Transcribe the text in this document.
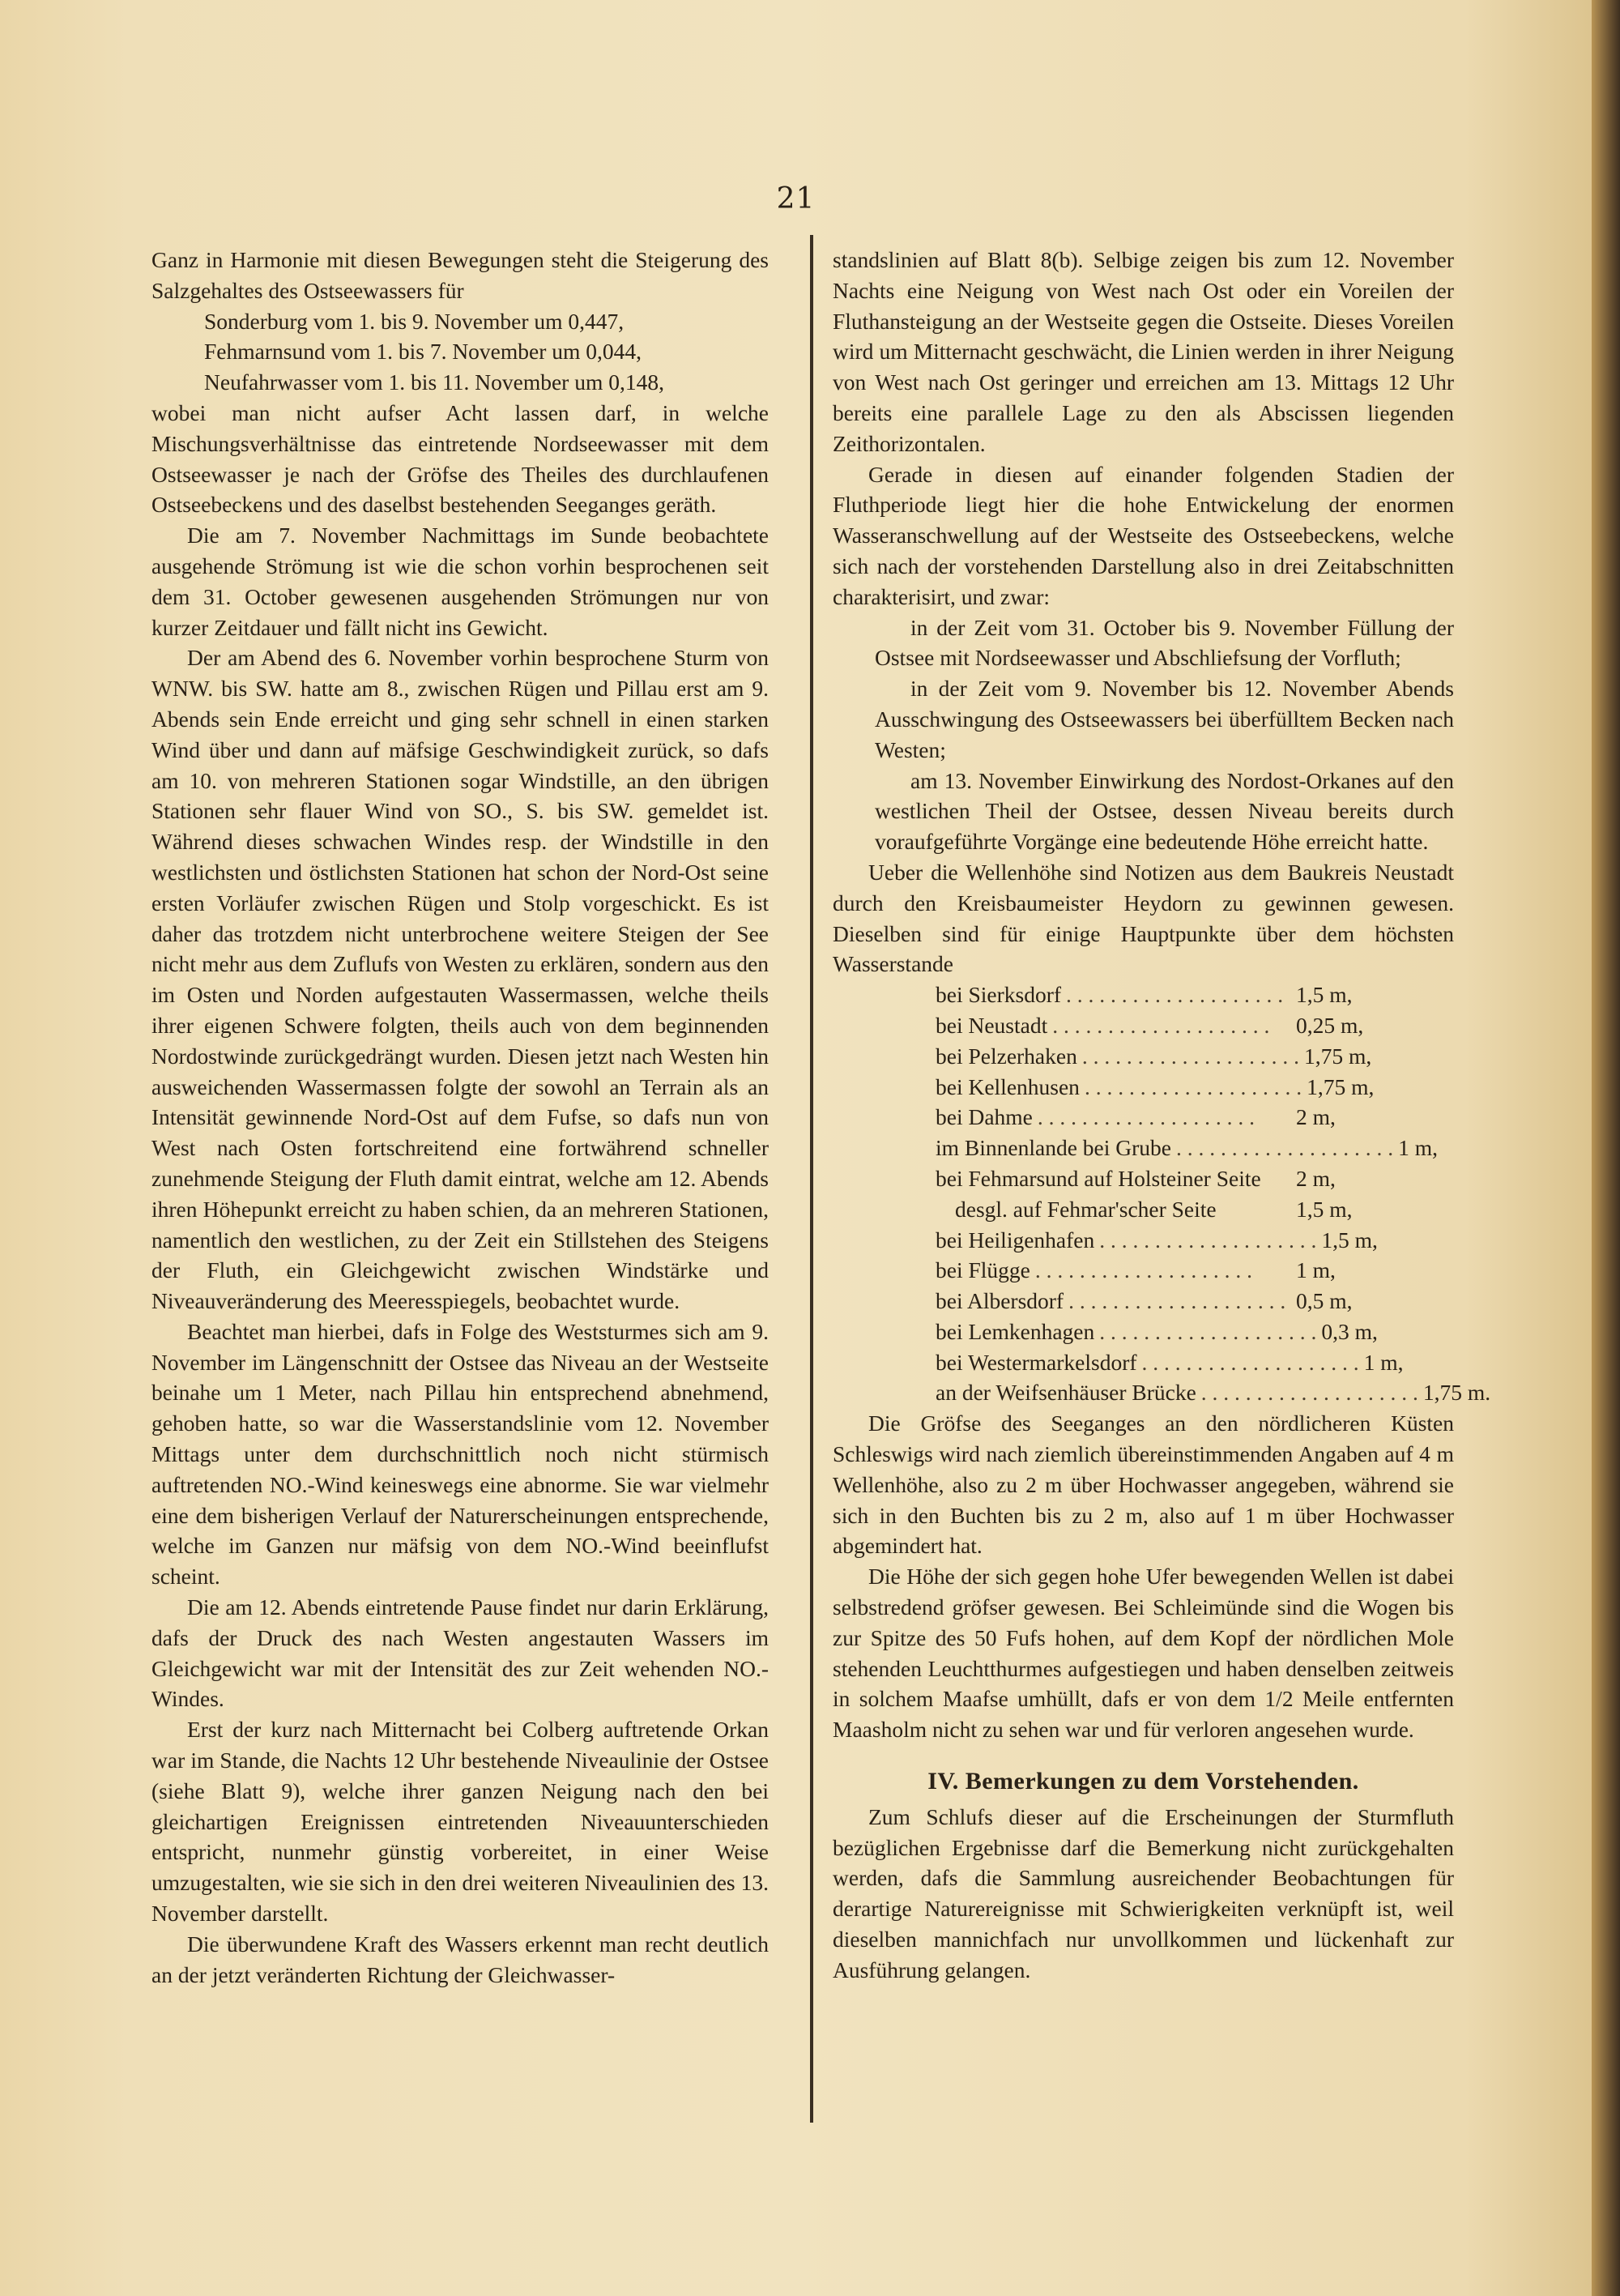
21

Ganz in Harmonie mit diesen Bewegungen steht die Steigerung des Salzgehaltes des Ostseewassers für

Sonderburg vom 1. bis 9. November um 0,447,
Fehmarnsund vom 1. bis 7. November um 0,044,
Neufahrwasser vom 1. bis 11. November um 0,148,

wobei man nicht aufser Acht lassen darf, in welche Mischungsverhältnisse das eintretende Nordseewasser mit dem Ostseewasser je nach der Gröfse des Theiles des durchlaufenen Ostseebeckens und des daselbst bestehenden Seeganges geräth.

Die am 7. November Nachmittags im Sunde beobachtete ausgehende Strömung ist wie die schon vorhin besprochenen seit dem 31. October gewesenen ausgehenden Strömungen nur von kurzer Zeitdauer und fällt nicht ins Gewicht.

Der am Abend des 6. November vorhin besprochene Sturm von WNW. bis SW. hatte am 8., zwischen Rügen und Pillau erst am 9. Abends sein Ende erreicht und ging sehr schnell in einen starken Wind über und dann auf mäfsige Geschwindigkeit zurück, so dafs am 10. von mehreren Stationen sogar Windstille, an den übrigen Stationen sehr flauer Wind von SO., S. bis SW. gemeldet ist. Während dieses schwachen Windes resp. der Windstille in den westlichsten und östlichsten Stationen hat schon der Nord-Ost seine ersten Vorläufer zwischen Rügen und Stolp vorgeschickt. Es ist daher das trotzdem nicht unterbrochene weitere Steigen der See nicht mehr aus dem Zuflufs von Westen zu erklären, sondern aus den im Osten und Norden aufgestauten Wassermassen, welche theils ihrer eigenen Schwere folgten, theils auch von dem beginnenden Nordostwinde zurückgedrängt wurden. Diesen jetzt nach Westen hin ausweichenden Wassermassen folgte der sowohl an Terrain als an Intensität gewinnende Nord-Ost auf dem Fufse, so dafs nun von West nach Osten fortschreitend eine fortwährend schneller zunehmende Steigung der Fluth damit eintrat, welche am 12. Abends ihren Höhepunkt erreicht zu haben schien, da an mehreren Stationen, namentlich den westlichen, zu der Zeit ein Stillstehen des Steigens der Fluth, ein Gleichgewicht zwischen Windstärke und Niveauveränderung des Meeresspiegels, beobachtet wurde.

Beachtet man hierbei, dafs in Folge des Weststurmes sich am 9. November im Längenschnitt der Ostsee das Niveau an der Westseite beinahe um 1 Meter, nach Pillau hin entsprechend abnehmend, gehoben hatte, so war die Wasserstandslinie vom 12. November Mittags unter dem durchschnittlich noch nicht stürmisch auftretenden NO.-Wind keineswegs eine abnorme. Sie war vielmehr eine dem bisherigen Verlauf der Naturerscheinungen entsprechende, welche im Ganzen nur mäfsig von dem NO.-Wind beeinflufst scheint.

Die am 12. Abends eintretende Pause findet nur darin Erklärung, dafs der Druck des nach Westen angestauten Wassers im Gleichgewicht war mit der Intensität des zur Zeit wehenden NO.-Windes.

Erst der kurz nach Mitternacht bei Colberg auftretende Orkan war im Stande, die Nachts 12 Uhr bestehende Niveaulinie der Ostsee (siehe Blatt 9), welche ihrer ganzen Neigung nach den bei gleichartigen Ereignissen eintretenden Niveauunterschieden entspricht, nunmehr günstig vorbereitet, in einer Weise umzugestalten, wie sie sich in den drei weiteren Niveaulinien des 13. November darstellt.

Die überwundene Kraft des Wassers erkennt man recht deutlich an der jetzt veränderten Richtung der Gleichwasser-

standslinien auf Blatt 8(b). Selbige zeigen bis zum 12. November Nachts eine Neigung von West nach Ost oder ein Voreilen der Fluthansteigung an der Westseite gegen die Ostseite. Dieses Voreilen wird um Mitternacht geschwächt, die Linien werden in ihrer Neigung von West nach Ost geringer und erreichen am 13. Mittags 12 Uhr bereits eine parallele Lage zu den als Abscissen liegenden Zeithorizontalen.

Gerade in diesen auf einander folgenden Stadien der Fluthperiode liegt hier die hohe Entwickelung der enormen Wasseranschwellung auf der Westseite des Ostseebeckens, welche sich nach der vorstehenden Darstellung also in drei Zeitabschnitten charakterisirt, und zwar:

in der Zeit vom 31. October bis 9. November Füllung der Ostsee mit Nordseewasser und Abschliefsung der Vorfluth;

in der Zeit vom 9. November bis 12. November Abends Ausschwingung des Ostseewassers bei überfülltem Becken nach Westen;

am 13. November Einwirkung des Nordost-Orkanes auf den westlichen Theil der Ostsee, dessen Niveau bereits durch voraufgeführte Vorgänge eine bedeutende Höhe erreicht hatte.

Ueber die Wellenhöhe sind Notizen aus dem Baukreis Neustadt durch den Kreisbaumeister Heydorn zu gewinnen gewesen. Dieselben sind für einige Hauptpunkte über dem höchsten Wasserstande

bei Sierksdorf . . . . . . . . . . . . . . . . . . . . 1,5 m,
bei Neustadt . . . . . . . . . . . . . . . . . . . .	0,25 m,
bei Pelzerhaken . . . . . . . . . . . . . . . . . . . . 1,75 m,
bei Kellenhusen . . . . . . . . . . . . . . . . . . . . 1,75 m,
bei Dahme . . . . . . . . . . . . . . . . . . . .	2 m,
im Binnenlande bei Grube . . . . . . . . . . . . . . . . . . . . 1 m,
bei Fehmarsund auf Holsteiner Seite 2 m,
desgl. auf Fehmar'scher Seite	1,5 m,
bei Heiligenhafen . . . . . . . . . . . . . . . . . . . . 1,5 m,
bei Flügge . . . . . . . . . . . . . . . . . . . .	1 m,
bei Albersdorf . . . . . . . . . . . . . . . . . . . . 0,5 m,
bei Lemkenhagen . . . . . . . . . . . . . . . . . . . . 0,3 m,
bei Westermarkelsdorf . . . . . . . . . . . . . . . . . . . . 1 m,
an der Weifsenhäuser Brücke . . . . . . . . . . . . . . . . . . . . 1,75 m.

Die Gröfse des Seeganges an den nördlicheren Küsten Schleswigs wird nach ziemlich übereinstimmenden Angaben auf 4 m Wellenhöhe, also zu 2 m über Hochwasser angegeben, während sie sich in den Buchten bis zu 2 m, also auf 1 m über Hochwasser abgemindert hat.

Die Höhe der sich gegen hohe Ufer bewegenden Wellen ist dabei selbstredend gröfser gewesen. Bei Schleimünde sind die Wogen bis zur Spitze des 50 Fufs hohen, auf dem Kopf der nördlichen Mole stehenden Leuchtthurmes aufgestiegen und haben denselben zeitweis in solchem Maafse umhüllt, dafs er von dem 1/2 Meile entfernten Maasholm nicht zu sehen war und für verloren angesehen wurde.

IV. Bemerkungen zu dem Vorstehenden.

Zum Schlufs dieser auf die Erscheinungen der Sturmfluth bezüglichen Ergebnisse darf die Bemerkung nicht zurückgehalten werden, dafs die Sammlung ausreichender Beobachtungen für derartige Naturereignisse mit Schwierigkeiten verknüpft ist, weil dieselben mannichfach nur unvollkommen und lückenhaft zur Ausführung gelangen.
